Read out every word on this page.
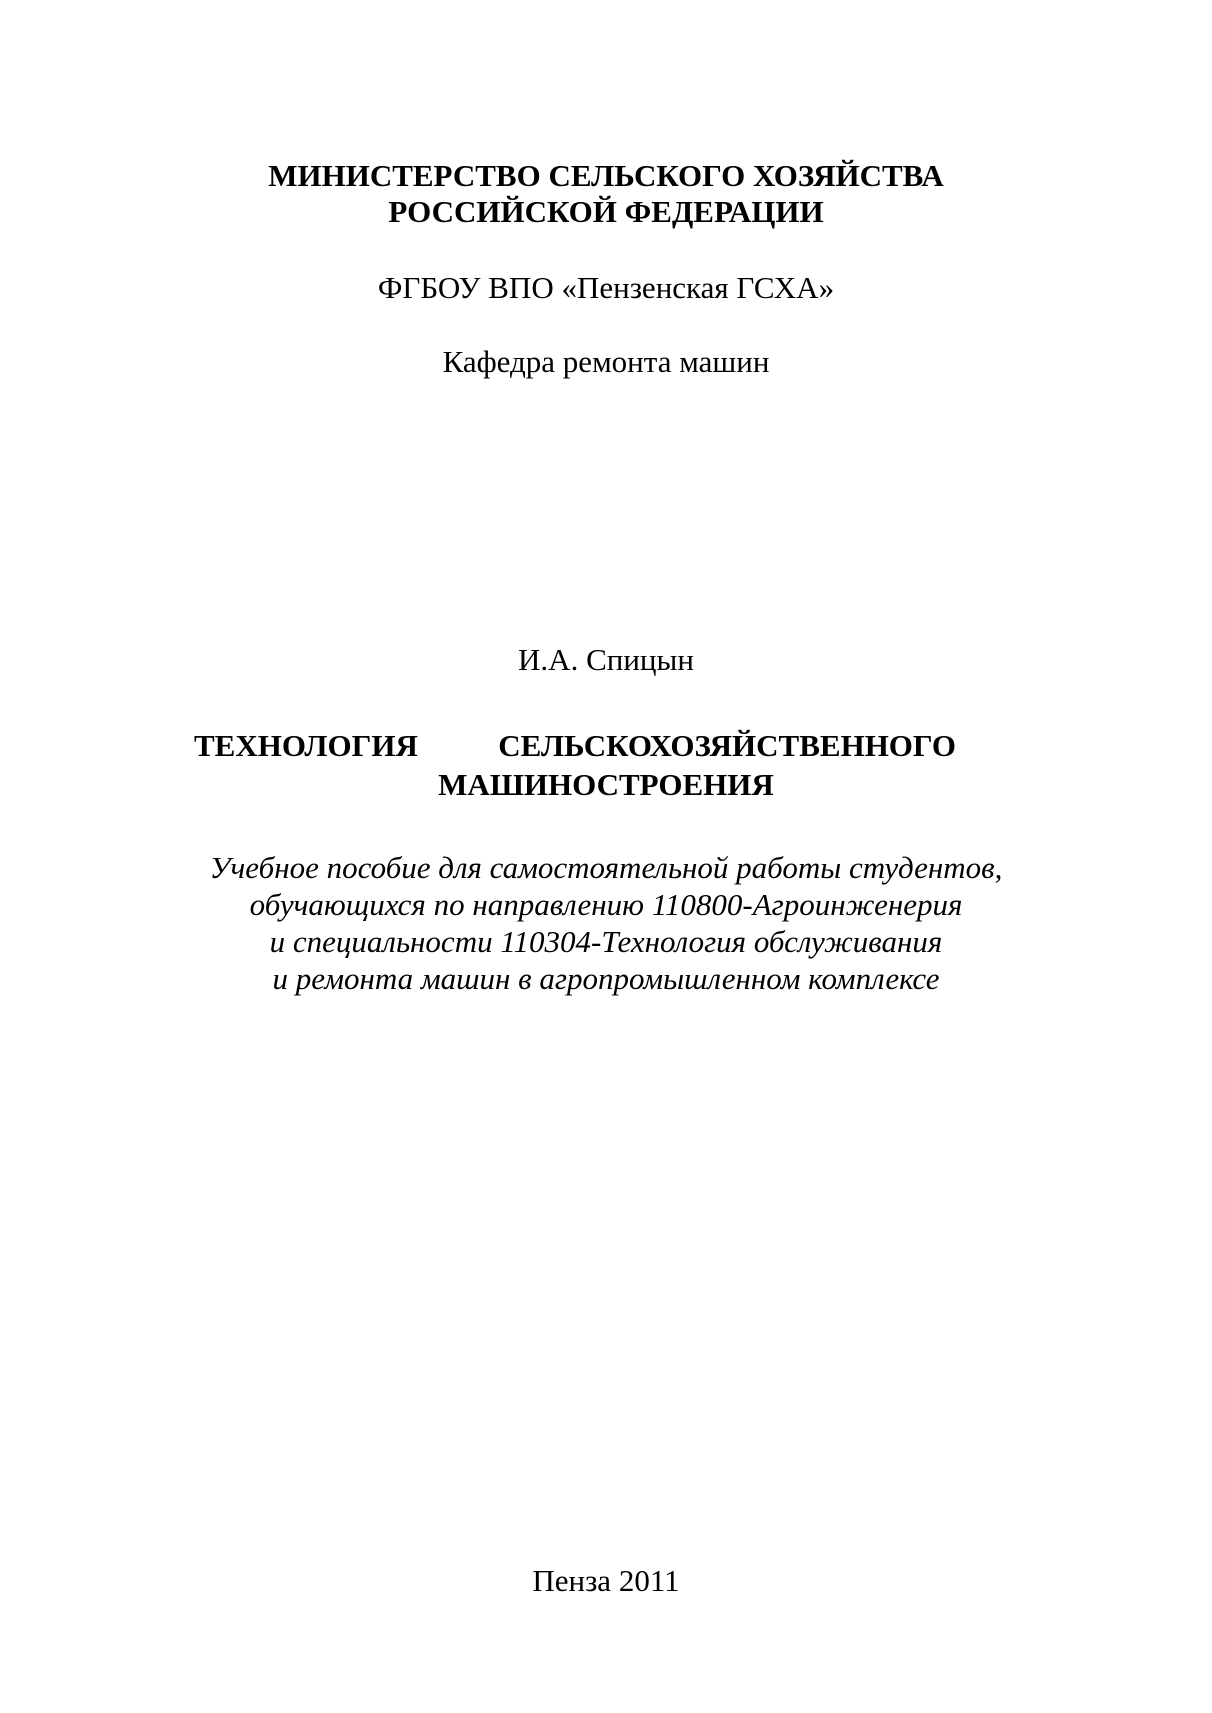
МИНИСТЕРСТВО СЕЛЬСКОГО ХОЗЯЙСТВА
РОССИЙСКОЙ ФЕДЕРАЦИИ
ФГБОУ ВПО «Пензенская ГСХА»
Кафедра ремонта машин
И.А. Спицын
ТЕХНОЛОГИЯ	СЕЛЬСКОХОЗЯЙСТВЕННОГО
МАШИНОСТРОЕНИЯ
Учебное пособие для самостоятельной работы студентов,
обучающихся по направлению 110800-Агроинженерия
и специальности 110304-Технология обслуживания
и ремонта машин в агропромышленном комплексе
Пенза 2011
